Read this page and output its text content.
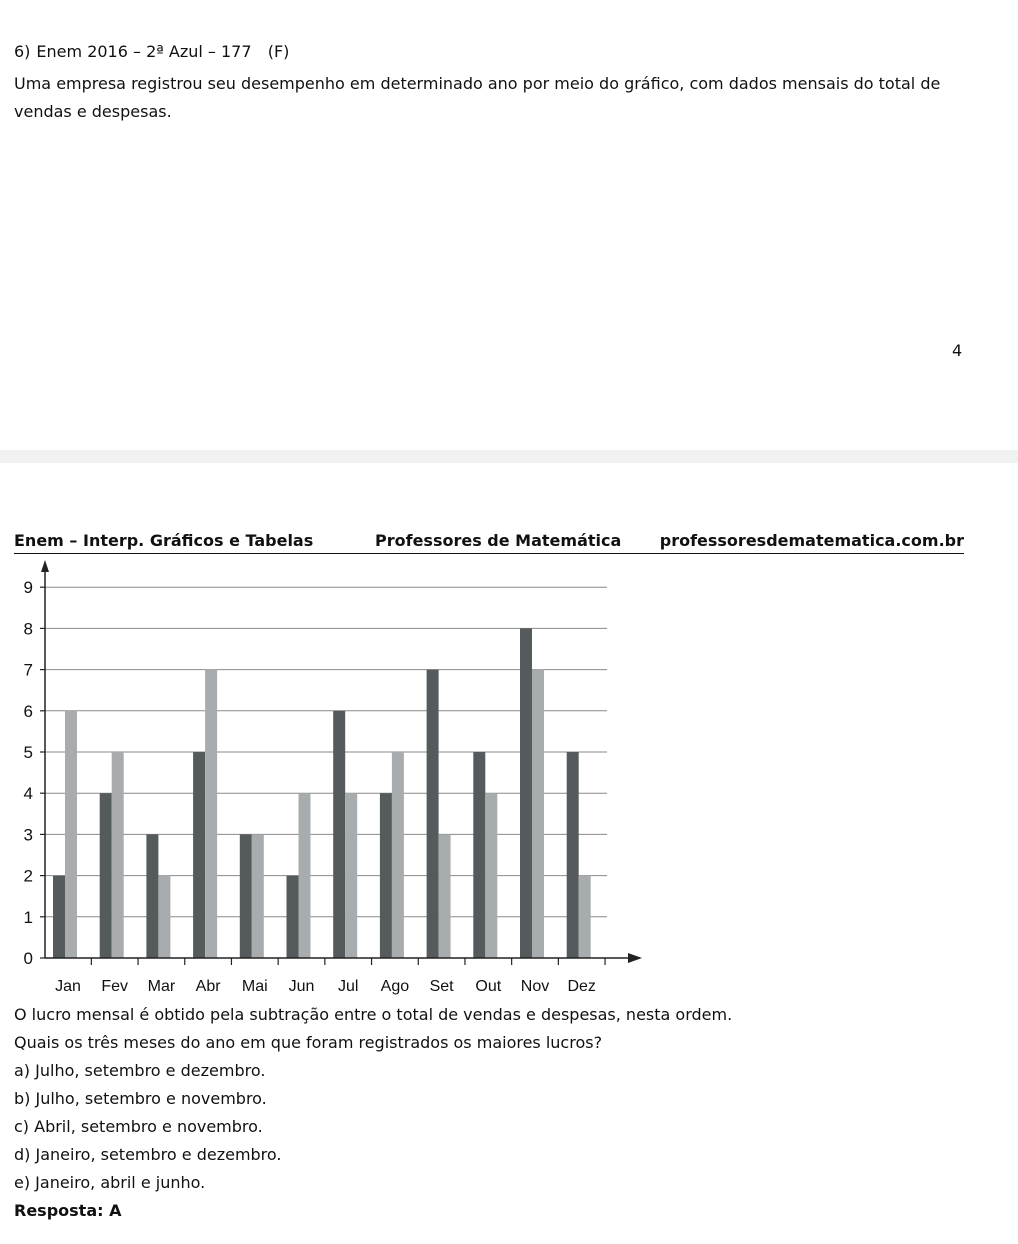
6) Enem 2016 – 2ª Azul – 177 (F)
Uma empresa registrou seu desempenho em determinado ano por meio do gráfico, com dados mensais do total de vendas e despesas.
4
Enem – Interp. Gráficos e Tabelas	Professores de Matemática professoresdematematica.com.br
0
1
2
3
4
5
6
7
8
9
Jan Fev Mar Abr Mai Jun Jul Ago Set Out Nov Dez
O lucro mensal é obtido pela subtração entre o total de vendas e despesas, nesta ordem.
Quais os três meses do ano em que foram registrados os maiores lucros?
a) Julho, setembro e dezembro.
b) Julho, setembro e novembro.
c) Abril, setembro e novembro.
d) Janeiro, setembro e dezembro.
e) Janeiro, abril e junho.
Resposta: A
